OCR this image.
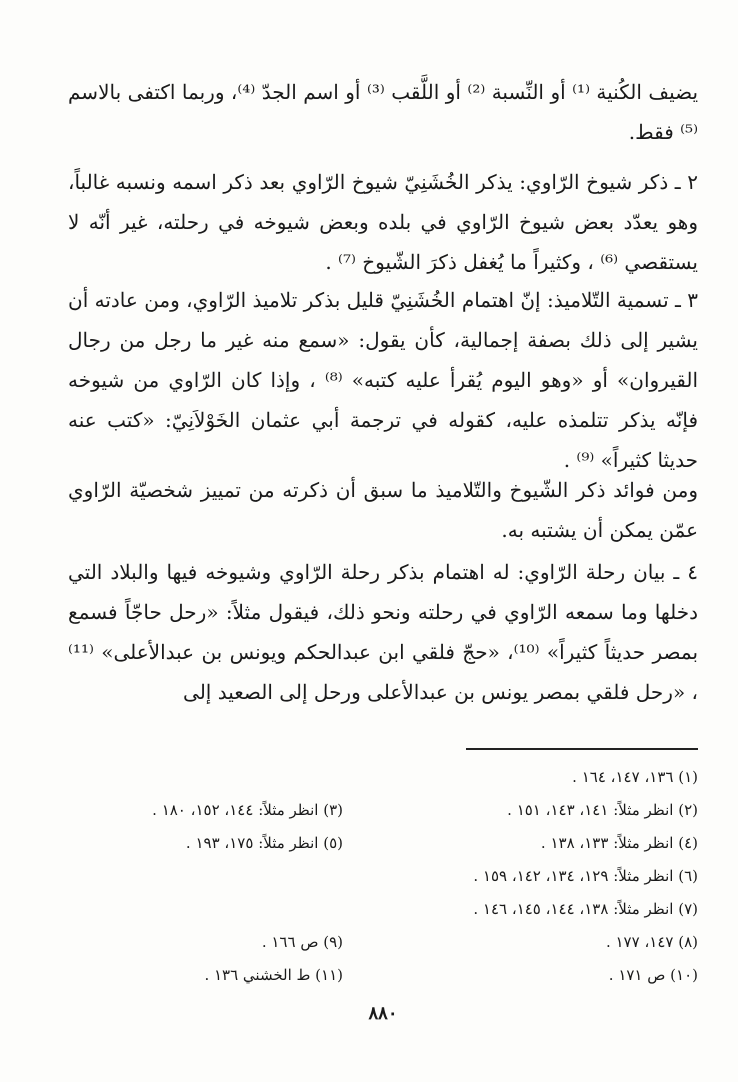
يضيف الكُنية ⁽¹⁾ أو النِّسبة ⁽²⁾ أو اللَّقب ⁽³⁾ أو اسم الجدّ ⁽⁴⁾، وربما اكتفى بالاسم ⁽⁵⁾ فقط.

٢ ـ ذكر شيوخ الرّاوي: يذكر الخُشَنِيّ شيوخ الرّاوي بعد ذكر اسمه ونسبه غالباً، وهو يعدّد بعض شيوخ الرّاوي في بلده وبعض شيوخه في رحلته، غير أنّه لا يستقصي ⁽⁶⁾ ، وكثيراً ما يُغفل ذكرَ الشّيوخ ⁽⁷⁾ .

٣ ـ تسمية التّلاميذ: إنّ اهتمام الخُشَنِيّ قليل بذكر تلاميذ الرّاوي، ومن عادته أن يشير إلى ذلك بصفة إجمالية، كأن يقول: «سمع منه غير ما رجل من رجال القيروان» أو «وهو اليوم يُقرأ عليه كتبه» ⁽⁸⁾ ، وإذا كان الرّاوي من شيوخه فإنّه يذكر تتلمذه عليه، كقوله في ترجمة أبي عثمان الخَوْلاَنِيّ: «كتب عنه حديثا كثيراً» ⁽⁹⁾ .

ومن فوائد ذكر الشّيوخ والتّلاميذ ما سبق أن ذكرته من تمييز شخصيّة الرّاوي عمّن يمكن أن يشتبه به.

٤ ـ بيان رحلة الرّاوي: له اهتمام بذكر رحلة الرّاوي وشيوخه فيها والبلاد التي دخلها وما سمعه الرّاوي في رحلته ونحو ذلك، فيقول مثلاً: «رحل حاجّاً فسمع بمصر حديثاً كثيراً» ⁽¹⁰⁾، «حجّ فلقي ابن عبدالحكم ويونس بن عبدالأعلى» ⁽¹¹⁾ ، «رحل فلقي بمصر يونس بن عبدالأعلى ورحل إلى الصعيد إلى

(١) ١٣٦، ١٤٧، ١٦٤ .
(٢) انظر مثلاً: ١٤١، ١٤٣، ١٥١ .
(٣) انظر مثلاً: ١٤٤، ١٥٢، ١٨٠ .
(٤) انظر مثلاً: ١٣٣، ١٣٨ .
(٥) انظر مثلاً: ١٧٥، ١٩٣ .
(٦) انظر مثلاً: ١٢٩، ١٣٤، ١٤٢، ١٥٩ .
(٧) انظر مثلاً: ١٣٨، ١٤٤، ١٤٥، ١٤٦ .
(٨) ١٤٧، ١٧٧ .
(٩) ص ١٦٦ .
(١٠) ص ١٧١ .
(١١) ط الخشني ١٣٦ .
٨٨٠
